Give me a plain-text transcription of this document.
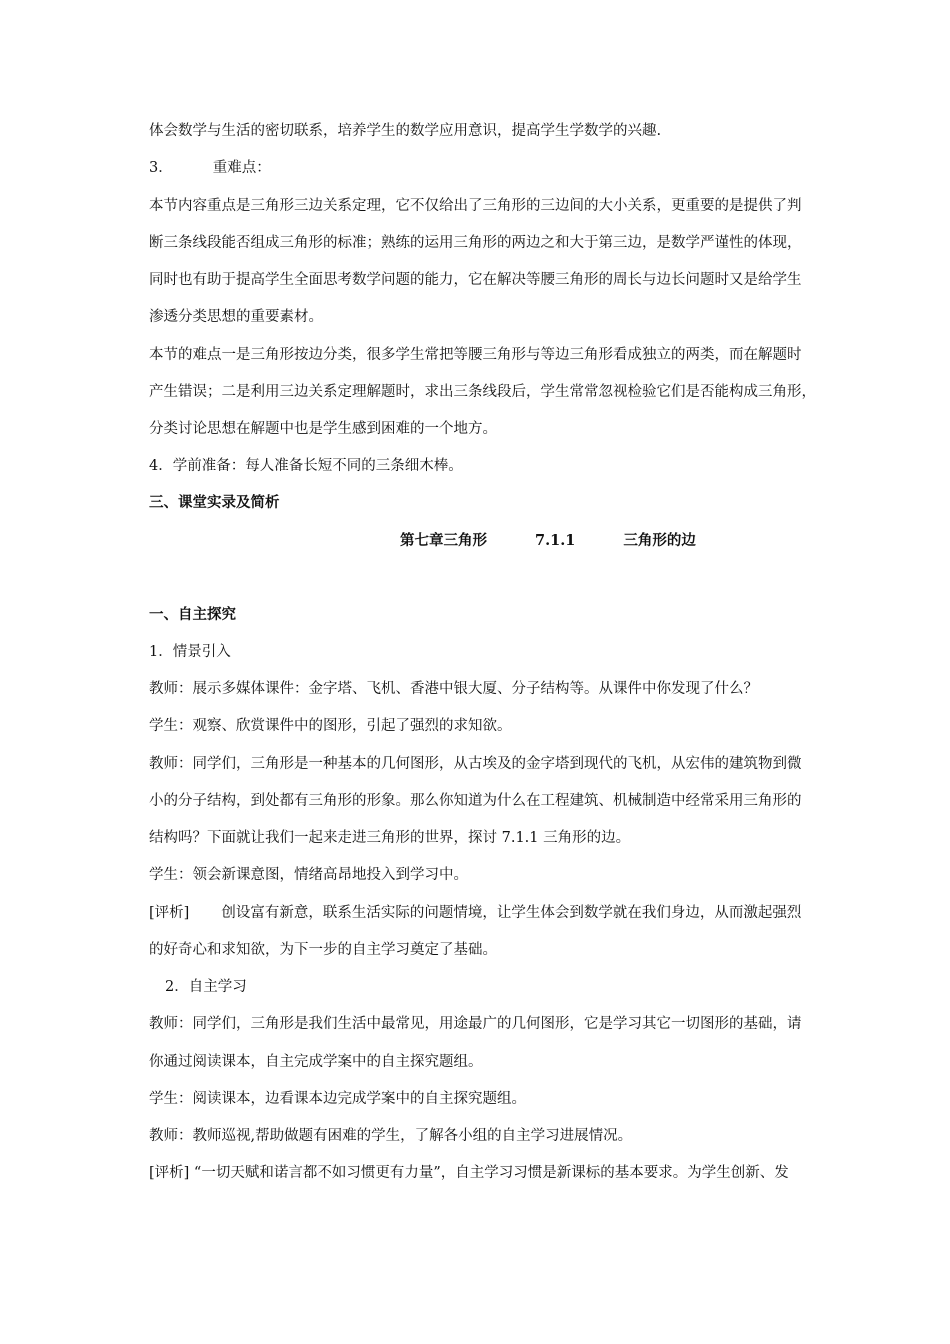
体会数学与生活的密切联系，培养学生的数学应用意识，提高学生学数学的兴趣.
3．	重难点：
本节内容重点是三角形三边关系定理，它不仅给出了三角形的三边间的大小关系，更重要的是提供了判
断三条线段能否组成三角形的标准；熟练的运用三角形的两边之和大于第三边，是数学严谨性的体现，
同时也有助于提高学生全面思考数学问题的能力，它在解决等腰三角形的周长与边长问题时又是给学生
渗透分类思想的重要素材。
本节的难点一是三角形按边分类，很多学生常把等腰三角形与等边三角形看成独立的两类，而在解题时
产生错误；二是利用三边关系定理解题时，求出三条线段后，学生常常忽视检验它们是否能构成三角形，
分类讨论思想在解题中也是学生感到困难的一个地方。
4．学前准备：每人准备长短不同的三条细木棒。
三、课堂实录及简析
第七章三角形	7.1.1	三角形的边
一、自主探究
1．情景引入
教师：展示多媒体课件：金字塔、飞机、香港中银大厦、分子结构等。从课件中你发现了什么？
学生：观察、欣赏课件中的图形，引起了强烈的求知欲。
教师：同学们，三角形是一种基本的几何图形，从古埃及的金字塔到现代的飞机，从宏伟的建筑物到微
小的分子结构，到处都有三角形的形象。那么你知道为什么在工程建筑、机械制造中经常采用三角形的
结构吗？下面就让我们一起来走进三角形的世界，探讨 7.1.1 三角形的边。
学生：领会新课意图，情绪高昂地投入到学习中。
[评析] 创设富有新意，联系生活实际的问题情境，让学生体会到数学就在我们身边，从而激起强烈
的好奇心和求知欲，为下一步的自主学习奠定了基础。
2．自主学习
教师：同学们，三角形是我们生活中最常见，用途最广的几何图形，它是学习其它一切图形的基础，请
你通过阅读课本，自主完成学案中的自主探究题组。
学生：阅读课本，边看课本边完成学案中的自主探究题组。
教师：教师巡视,帮助做题有困难的学生，了解各小组的自主学习进展情况。
[评析] “一切天赋和诺言都不如习惯更有力量”，自主学习习惯是新课标的基本要求。为学生创新、发
